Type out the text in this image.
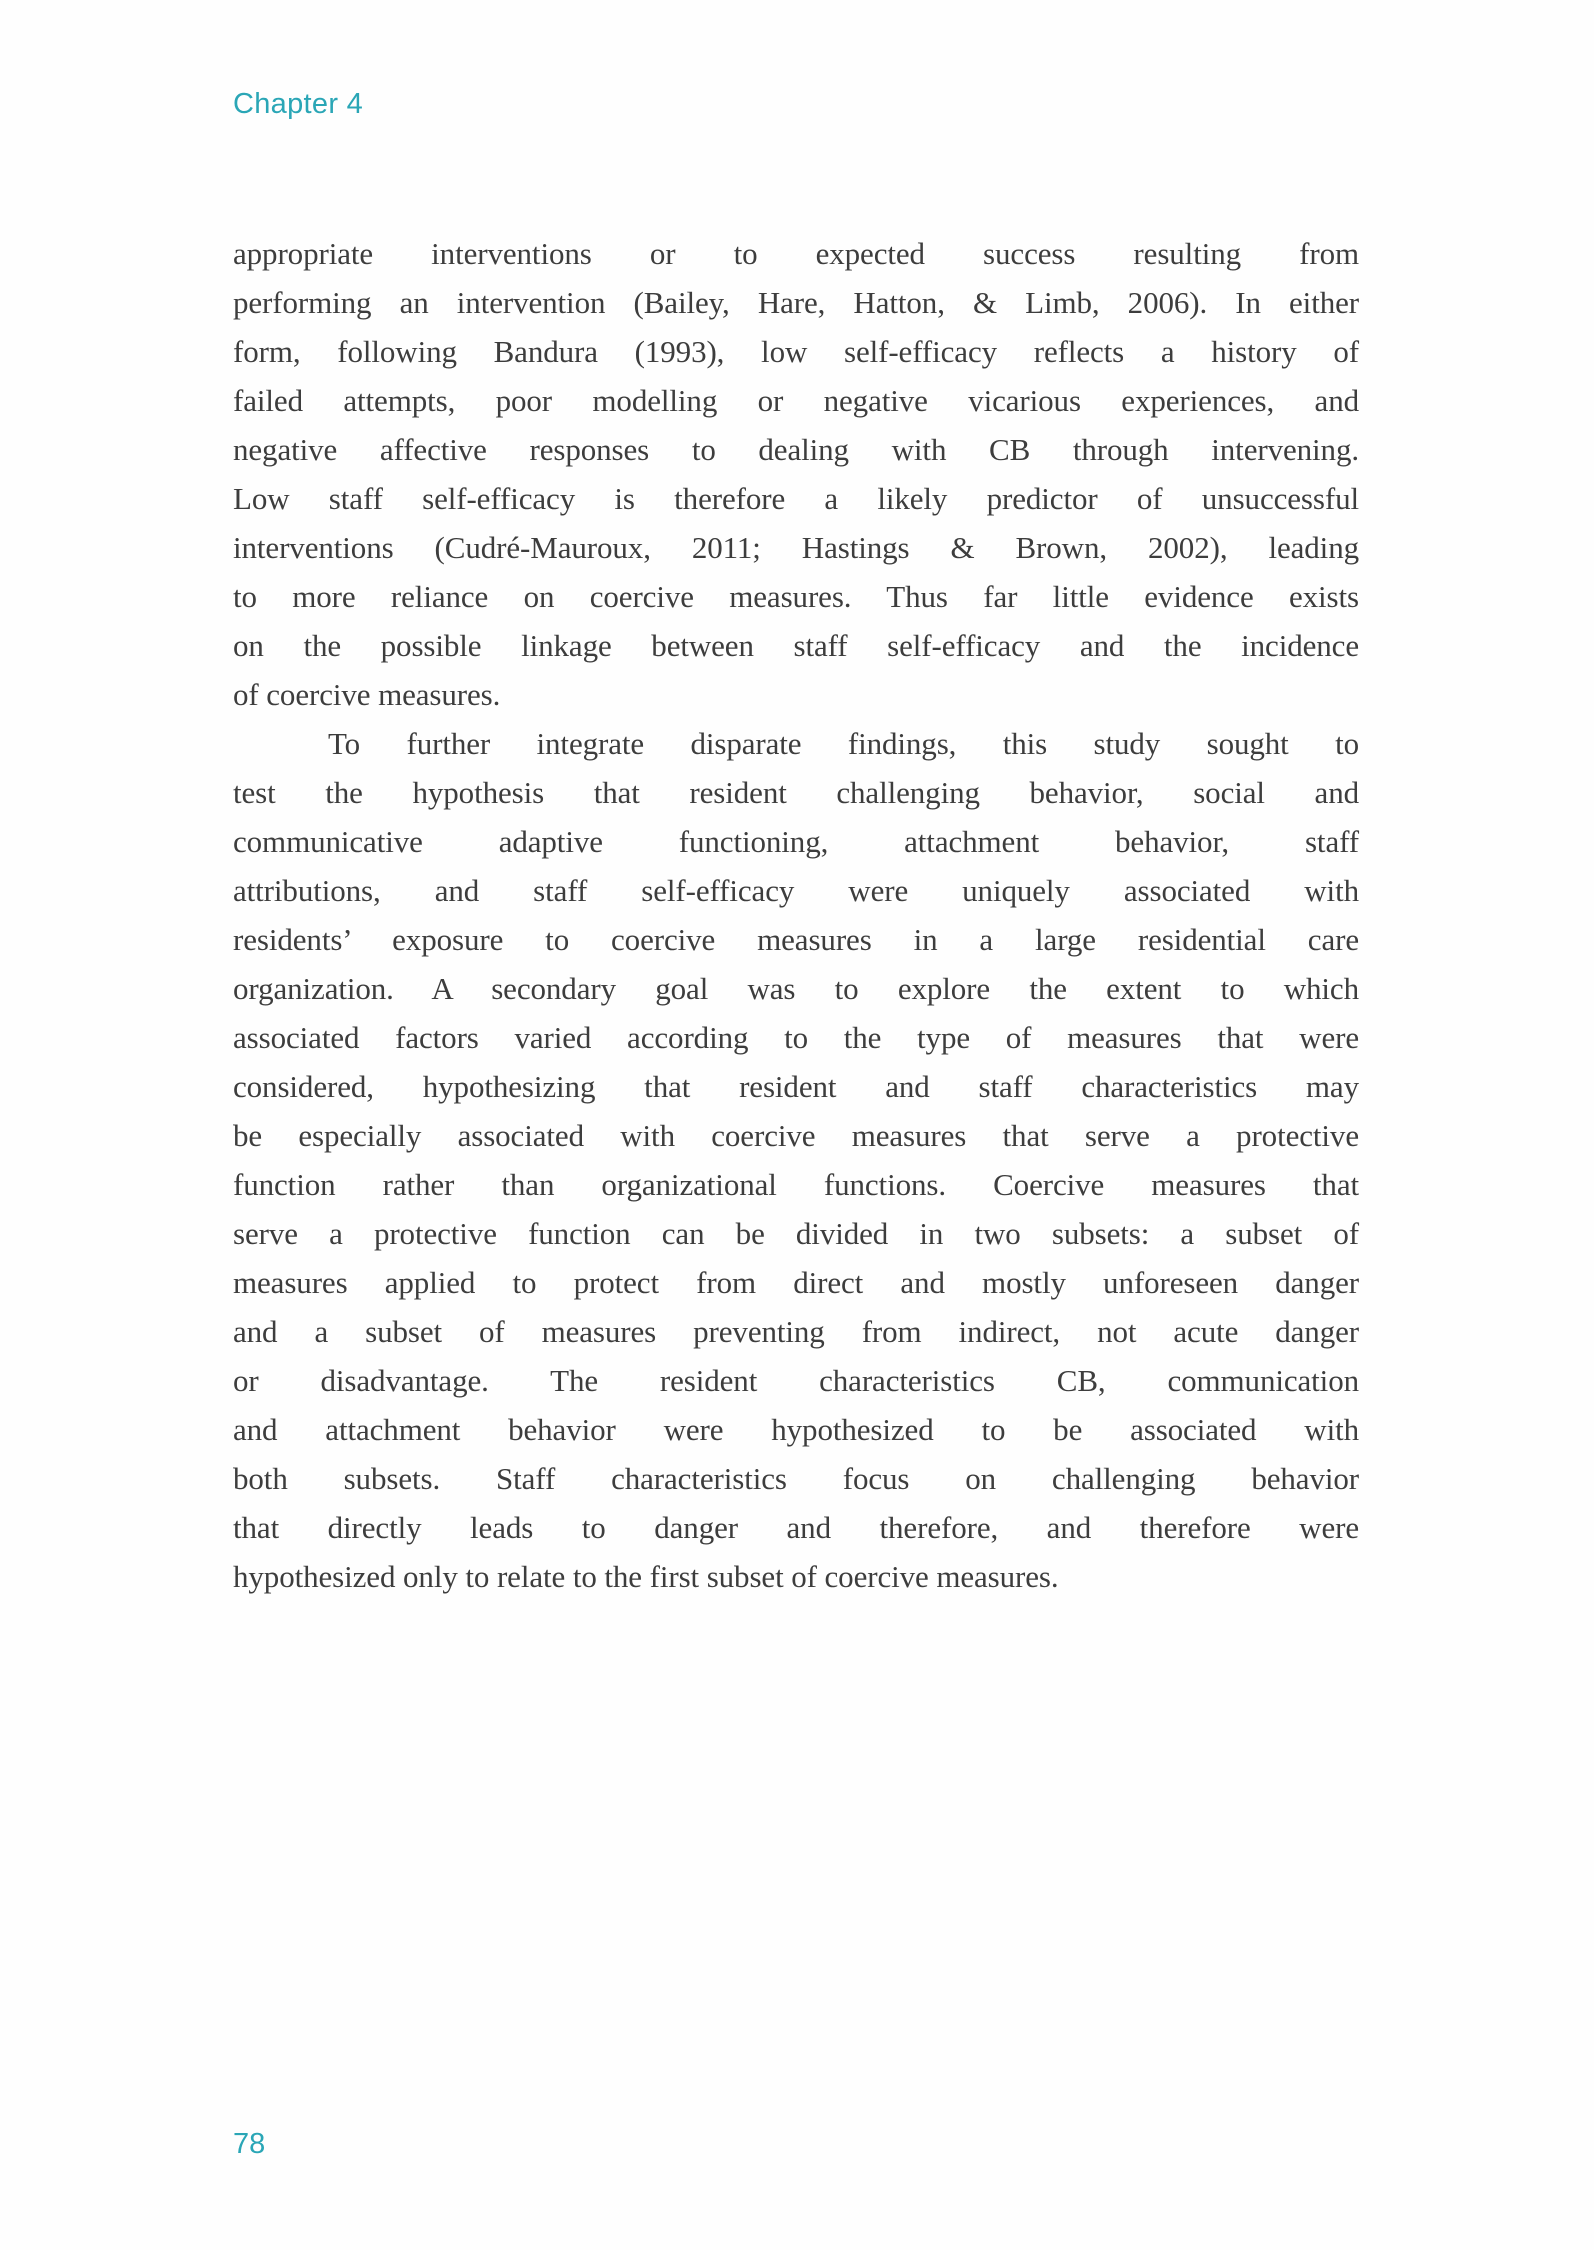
Chapter 4
appropriate interventions or to expected success resulting from
performing an intervention (Bailey, Hare, Hatton, & Limb, 2006). In either
form, following Bandura (1993), low self-efficacy reflects a history of
failed attempts, poor modelling or negative vicarious experiences, and
negative affective responses to dealing with CB through intervening.
Low staff self-efficacy is therefore a likely predictor of unsuccessful
interventions (Cudré-Mauroux, 2011; Hastings & Brown, 2002), leading
to more reliance on coercive measures. Thus far little evidence exists
on the possible linkage between staff self-efficacy and the incidence
of coercive measures.
To further integrate disparate findings, this study sought to
test the hypothesis that resident challenging behavior, social and
communicative adaptive functioning, attachment behavior, staff
attributions, and staff self-efficacy were uniquely associated with
residents’ exposure to coercive measures in a large residential care
organization. A secondary goal was to explore the extent to which
associated factors varied according to the type of measures that were
considered, hypothesizing that resident and staff characteristics may
be especially associated with coercive measures that serve a protective
function rather than organizational functions. Coercive measures that
serve a protective function can be divided in two subsets: a subset of
measures applied to protect from direct and mostly unforeseen danger
and a subset of measures preventing from indirect, not acute danger
or disadvantage. The resident characteristics CB, communication
and attachment behavior were hypothesized to be associated with
both subsets. Staff characteristics focus on challenging behavior
that directly leads to danger and therefore, and therefore were
hypothesized only to relate to the first subset of coercive measures.
78
